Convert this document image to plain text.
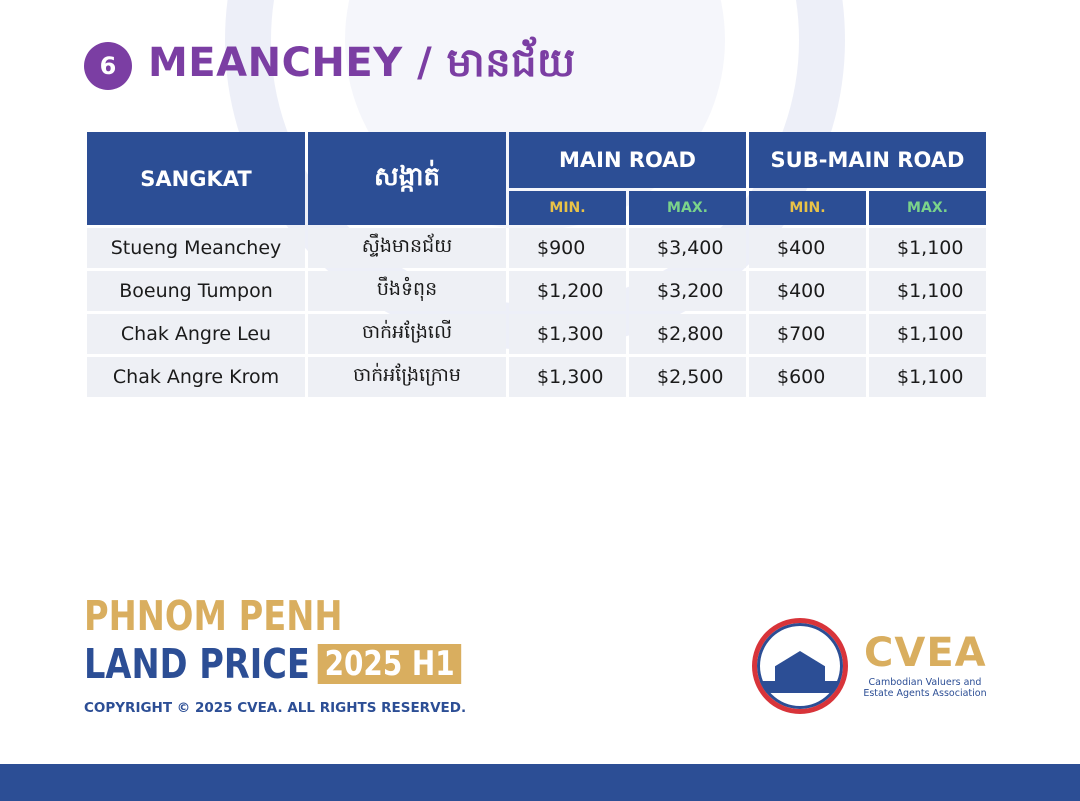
6 MEANCHEY / មានជ័យ
SANGKAT	សង្កាត់	MAIN ROAD		SUB-MAIN ROAD	
		MIN.	MAX.	MIN.	MAX.
Stueng Meanchey	ស្ទឹងមានជ័យ	$900	$3,400	$400	$1,100
Boeung Tumpon	បឹងទំពុន	$1,200	$3,200	$400	$1,100
Chak Angre Leu	ចាក់អង្រែលើ	$1,300	$2,800	$700	$1,100
Chak Angre Krom	ចាក់អង្រែក្រោម	$1,300	$2,500	$600	$1,100
PHNOM PENH
LAND PRICE 2025 H1
COPYRIGHT © 2025 CVEA. ALL RIGHTS RESERVED.
CVEA
Cambodian Valuers and Estate Agents Association
